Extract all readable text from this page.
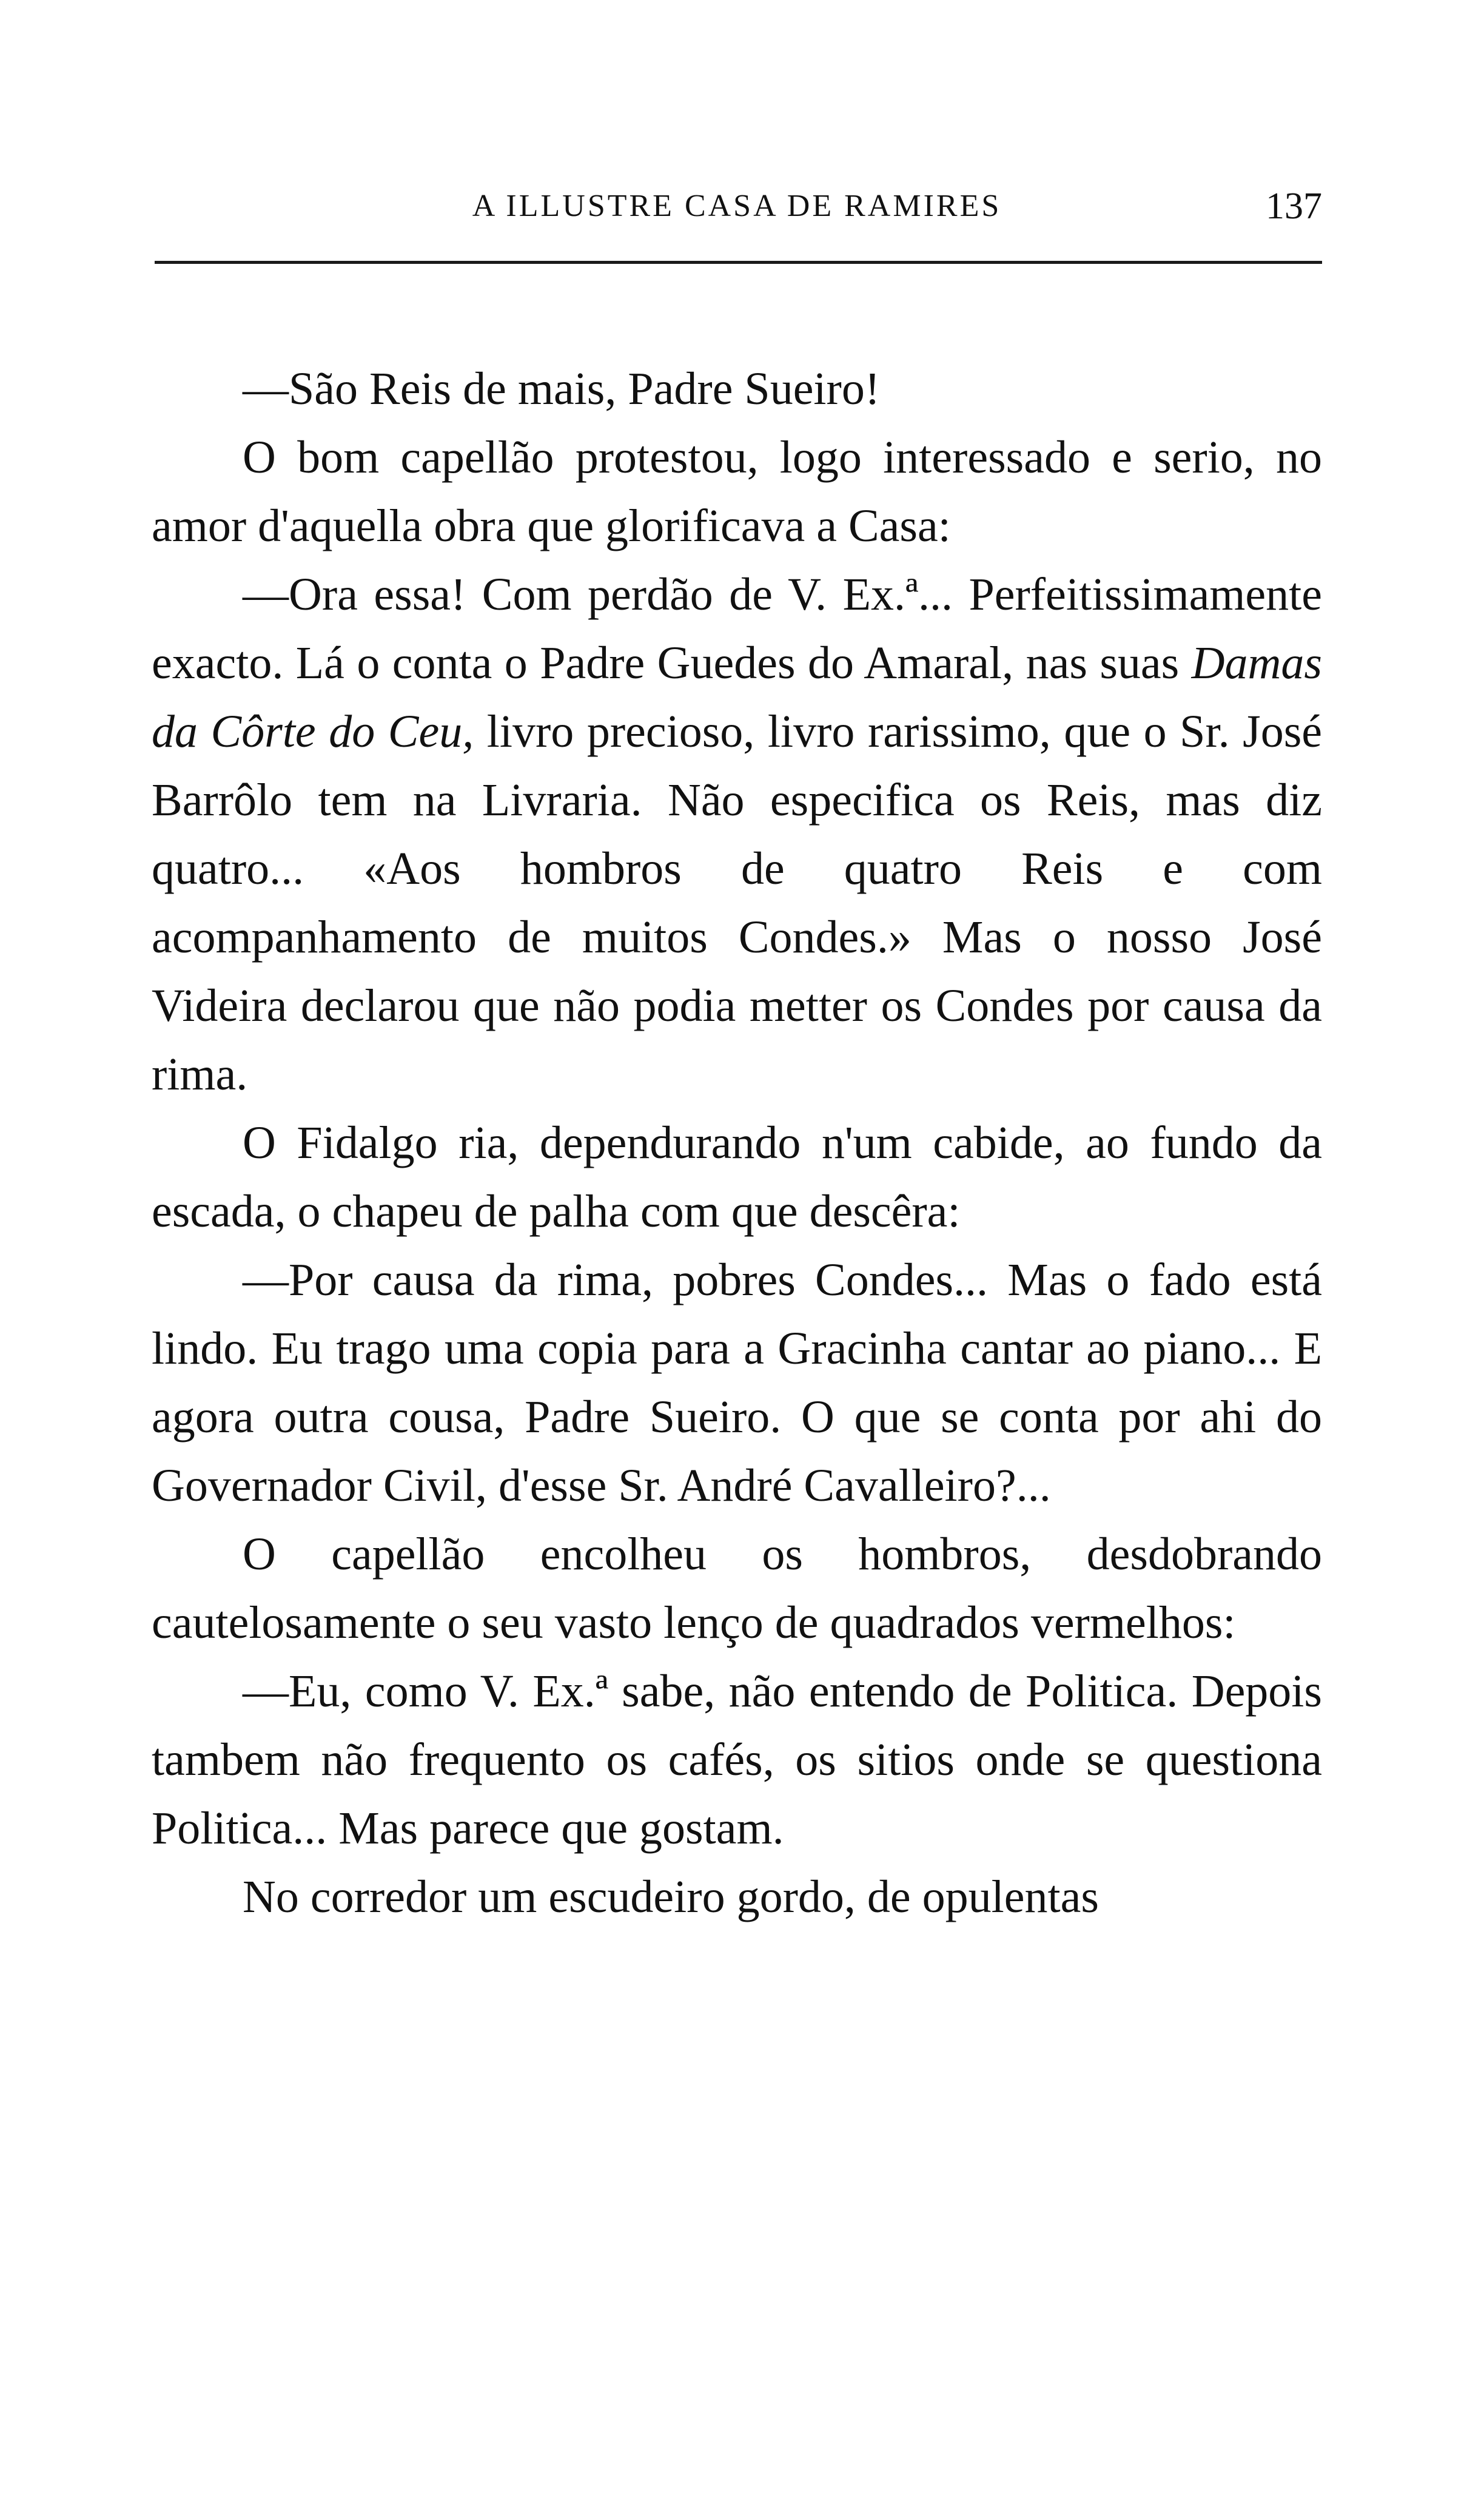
A ILLUSTRE CASA DE RAMIRES	137

—São Reis de mais, Padre Sueiro!

O bom capellão protestou, logo interessado e serio, no amor d'aquella obra que glorificava a Casa:

—Ora essa! Com perdão de V. Ex.ª... Perfeitissimamente exacto. Lá o conta o Padre Guedes do Amaral, nas suas Damas da Côrte do Ceu, livro precioso, livro rarissimo, que o Sr. José Barrôlo tem na Livraria. Não especifica os Reis, mas diz quatro... «Aos hombros de quatro Reis e com acompanhamento de muitos Condes.» Mas o nosso José Videira declarou que não podia metter os Condes por causa da rima.

O Fidalgo ria, dependurando n'um cabide, ao fundo da escada, o chapeu de palha com que descêra:

—Por causa da rima, pobres Condes... Mas o fado está lindo. Eu trago uma copia para a Gracinha cantar ao piano... E agora outra cousa, Padre Sueiro. O que se conta por ahi do Governador Civil, d'esse Sr. André Cavalleiro?...

O capellão encolheu os hombros, desdobrando cautelosamente o seu vasto lenço de quadrados vermelhos:

—Eu, como V. Ex.ª sabe, não entendo de Politica. Depois tambem não frequento os cafés, os sitios onde se questiona Politica... Mas parece que gostam.

No corredor um escudeiro gordo, de opulentas
